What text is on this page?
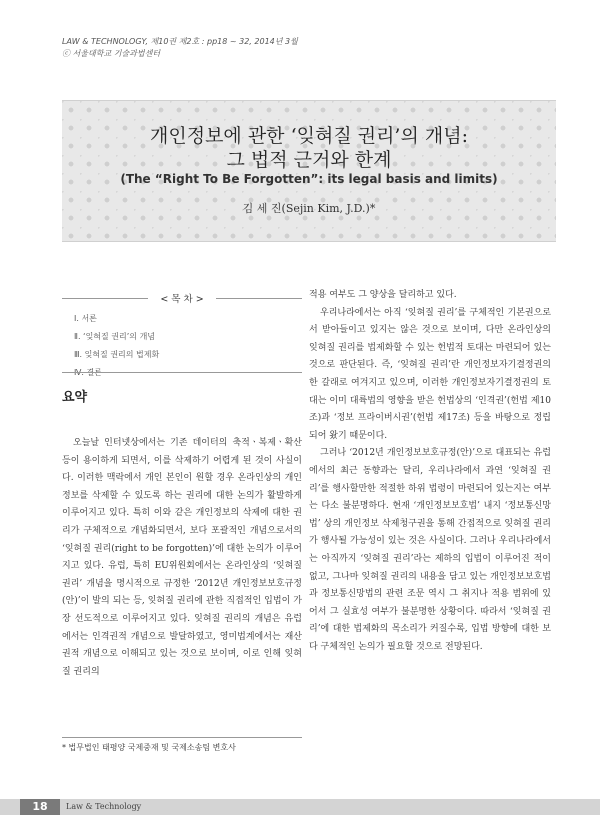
LAW & TECHNOLOGY, 제10권 제2호 : pp18 ~ 32, 2014년 3월
ⓒ 서울대학교 기술과법센터
개인정보에 관한 ‘잊혀질 권리’의 개념:
그 법적 근거와 한계
(The “Right To Be Forgotten”: its legal basis and limits)
김 세 진(Sejin Kim, J.D.)*
< 목 차 >
Ⅰ. 서론
Ⅱ. ‘잊혀질 권리’의 개념
Ⅲ. 잊혀질 권리의 법제화
Ⅳ. 결론
요약

오늘날 인터넷상에서는 기존 데이터의 축적ㆍ복제ㆍ확산 등이 용이하게 되면서, 이를 삭제하기 어렵게 된 것이 사실이다. 이러한 맥락에서 개인 본인이 원할 경우 온라인상의 개인정보를 삭제할 수 있도록 하는 권리에 대한 논의가 활발하게 이루어지고 있다. 특히 이와 같은 개인정보의 삭제에 대한 권리가 구체적으로 개념화되면서, 보다 포괄적인 개념으로서의 ‘잊혀질 권리(right to be forgotten)’에 대한 논의가 이루어지고 있다. 유럽, 특히 EU위원회에서는 온라인상의 ‘잊혀질 권리’ 개념을 명시적으로 규정한 ‘2012년 개인정보보호규정(안)’이 발의 되는 등, 잊혀질 권리에 관한 직접적인 입법이 가장 선도적으로 이루어지고 있다. 잊혀질 권리의 개념은 유럽에서는 인격권적 개념으로 발달하였고, 영미법계에서는 재산권적 개념으로 이해되고 있는 것으로 보이며, 이로 인해 잊혀질 권리의

적용 여부도 그 양상을 달리하고 있다.

우리나라에서는 아직 ‘잊혀질 권리’를 구체적인 기본권으로서 받아들이고 있지는 않은 것으로 보이며, 다만 온라인상의 잊혀질 권리를 법제화할 수 있는 헌법적 토대는 마련되어 있는 것으로 판단된다. 즉, ‘잊혀질 권리’란 개인정보자기결정권의 한 갈래로 여겨지고 있으며, 이러한 개인정보자기결정권의 토대는 이미 대륙법의 영향을 받은 헌법상의 ‘인격권’(헌법 제10조)과 ‘정보 프라이버시권’(헌법 제17조) 등을 바탕으로 정립되어 왔기 때문이다.

그러나 ‘2012년 개인정보보호규정(안)’으로 대표되는 유럽에서의 최근 동향과는 달리, 우리나라에서 과연 ‘잊혀질 권리’를 행사할만한 적절한 하위 법령이 마련되어 있는지는 여부는 다소 불분명하다. 현재 ‘개인정보보호법’ 내지 ‘정보통신망법’ 상의 개인정보 삭제청구권을 통해 간접적으로 잊혀질 권리가 행사될 가능성이 있는 것은 사실이다. 그러나 우리나라에서는 아직까지 ‘잊혀질 권리’라는 제하의 입법이 이루어진 적이 없고, 그나마 잊혀질 권리의 내용을 담고 있는 개인정보보호법과 정보통신망법의 관련 조문 역시 그 취지나 적용 범위에 있어서 그 실효성 여부가 불분명한 상황이다. 따라서 ‘잊혀질 권리’에 대한 법제화의 목소리가 커질수록, 입법 방향에 대한 보다 구체적인 논의가 필요할 것으로 전망된다.

* 법무법인 태평양 국제중재 및 국제소송팀 변호사
18	Law & Technology
